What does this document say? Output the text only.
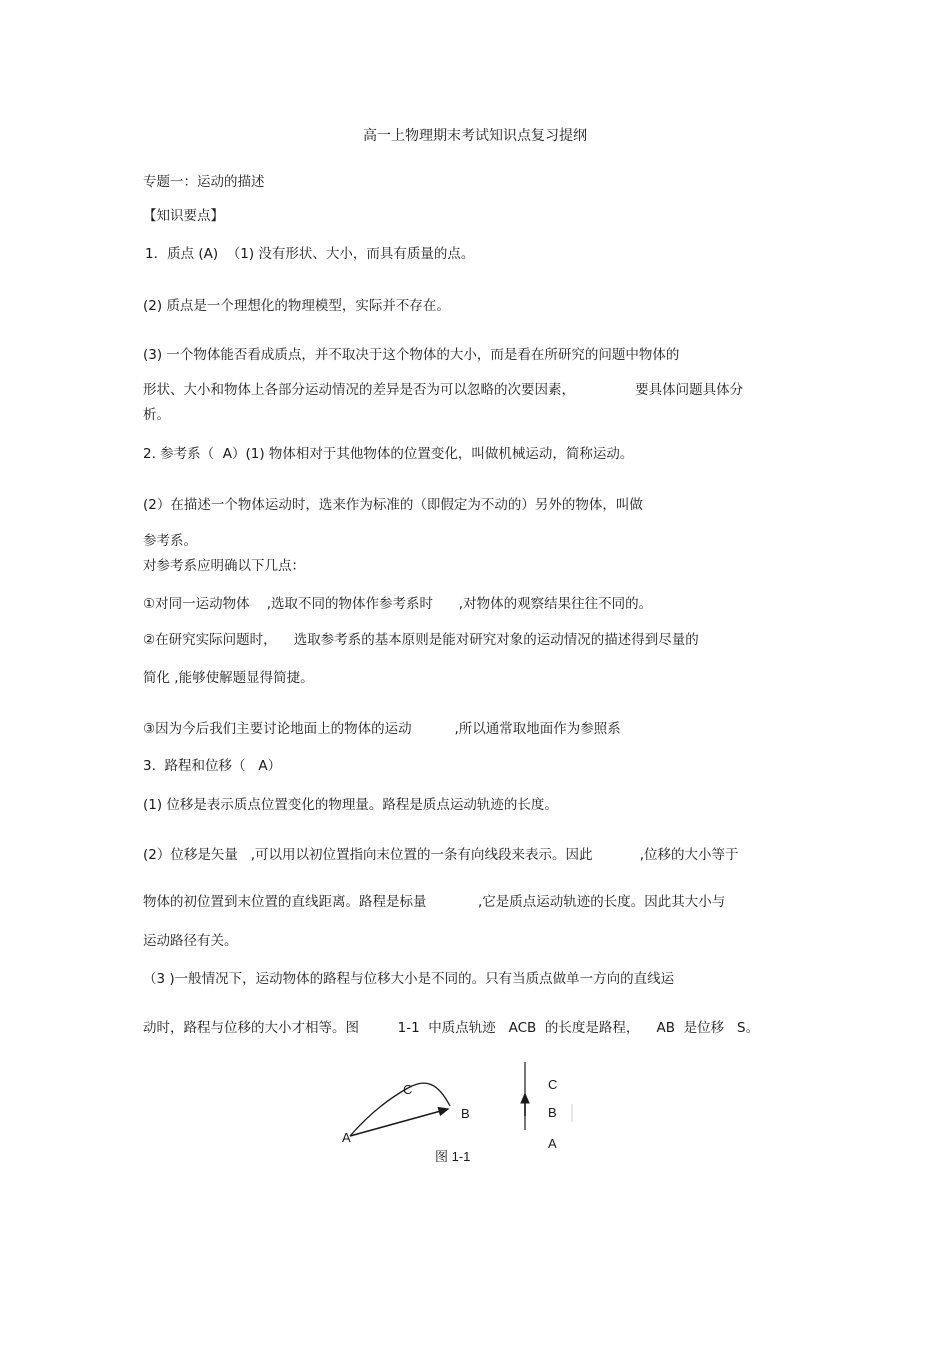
高一上物理期末考试知识点复习提纲
专题一：运动的描述
【知识要点】
1．质点 (A)  （1) 没有形状、大小，而具有质量的点。
(2) 质点是一个理想化的物理模型，实际并不存在。
(3) 一个物体能否看成质点，并不取决于这个物体的大小，而是看在所研究的问题中物体的
形状、大小和物体上各部分运动情况的差异是否为可以忽略的次要因素，              要具体问题具体分
析。
2. 参考系（  A）(1) 物体相对于其他物体的位置变化，叫做机械运动，简称运动。
(2）在描述一个物体运动时，选来作为标准的（即假定为不动的）另外的物体，叫做
参考系。
对参考系应明确以下几点：
①对同一运动物体    ,选取不同的物体作参考系时      ,对物体的观察结果往往不同的。
②在研究实际问题时，    选取参考系的基本原则是能对研究对象的运动情况的描述得到尽量的
简化 ,能够使解题显得简捷。
③因为今后我们主要讨论地面上的物体的运动          ,所以通常取地面作为参照系
3.  路程和位移（   A）
(1) 位移是表示质点位置变化的物理量。路程是质点运动轨迹的长度。
(2）位移是矢量   ,可以用以初位置指向末位置的一条有向线段来表示。因此           ,位移的大小等于
物体的初位置到末位置的直线距离。路程是标量            ,它是质点运动轨迹的长度。因此其大小与
运动路径有关。
（3 )一般情况下，运动物体的路程与位移大小是不同的。只有当质点做单一方向的直线运
动时，路程与位移的大小才相等。图         1-1  中质点轨迹   ACB  的长度是路程，    AB  是位移   S。
A
B
C	C
B
A
图 1-1
